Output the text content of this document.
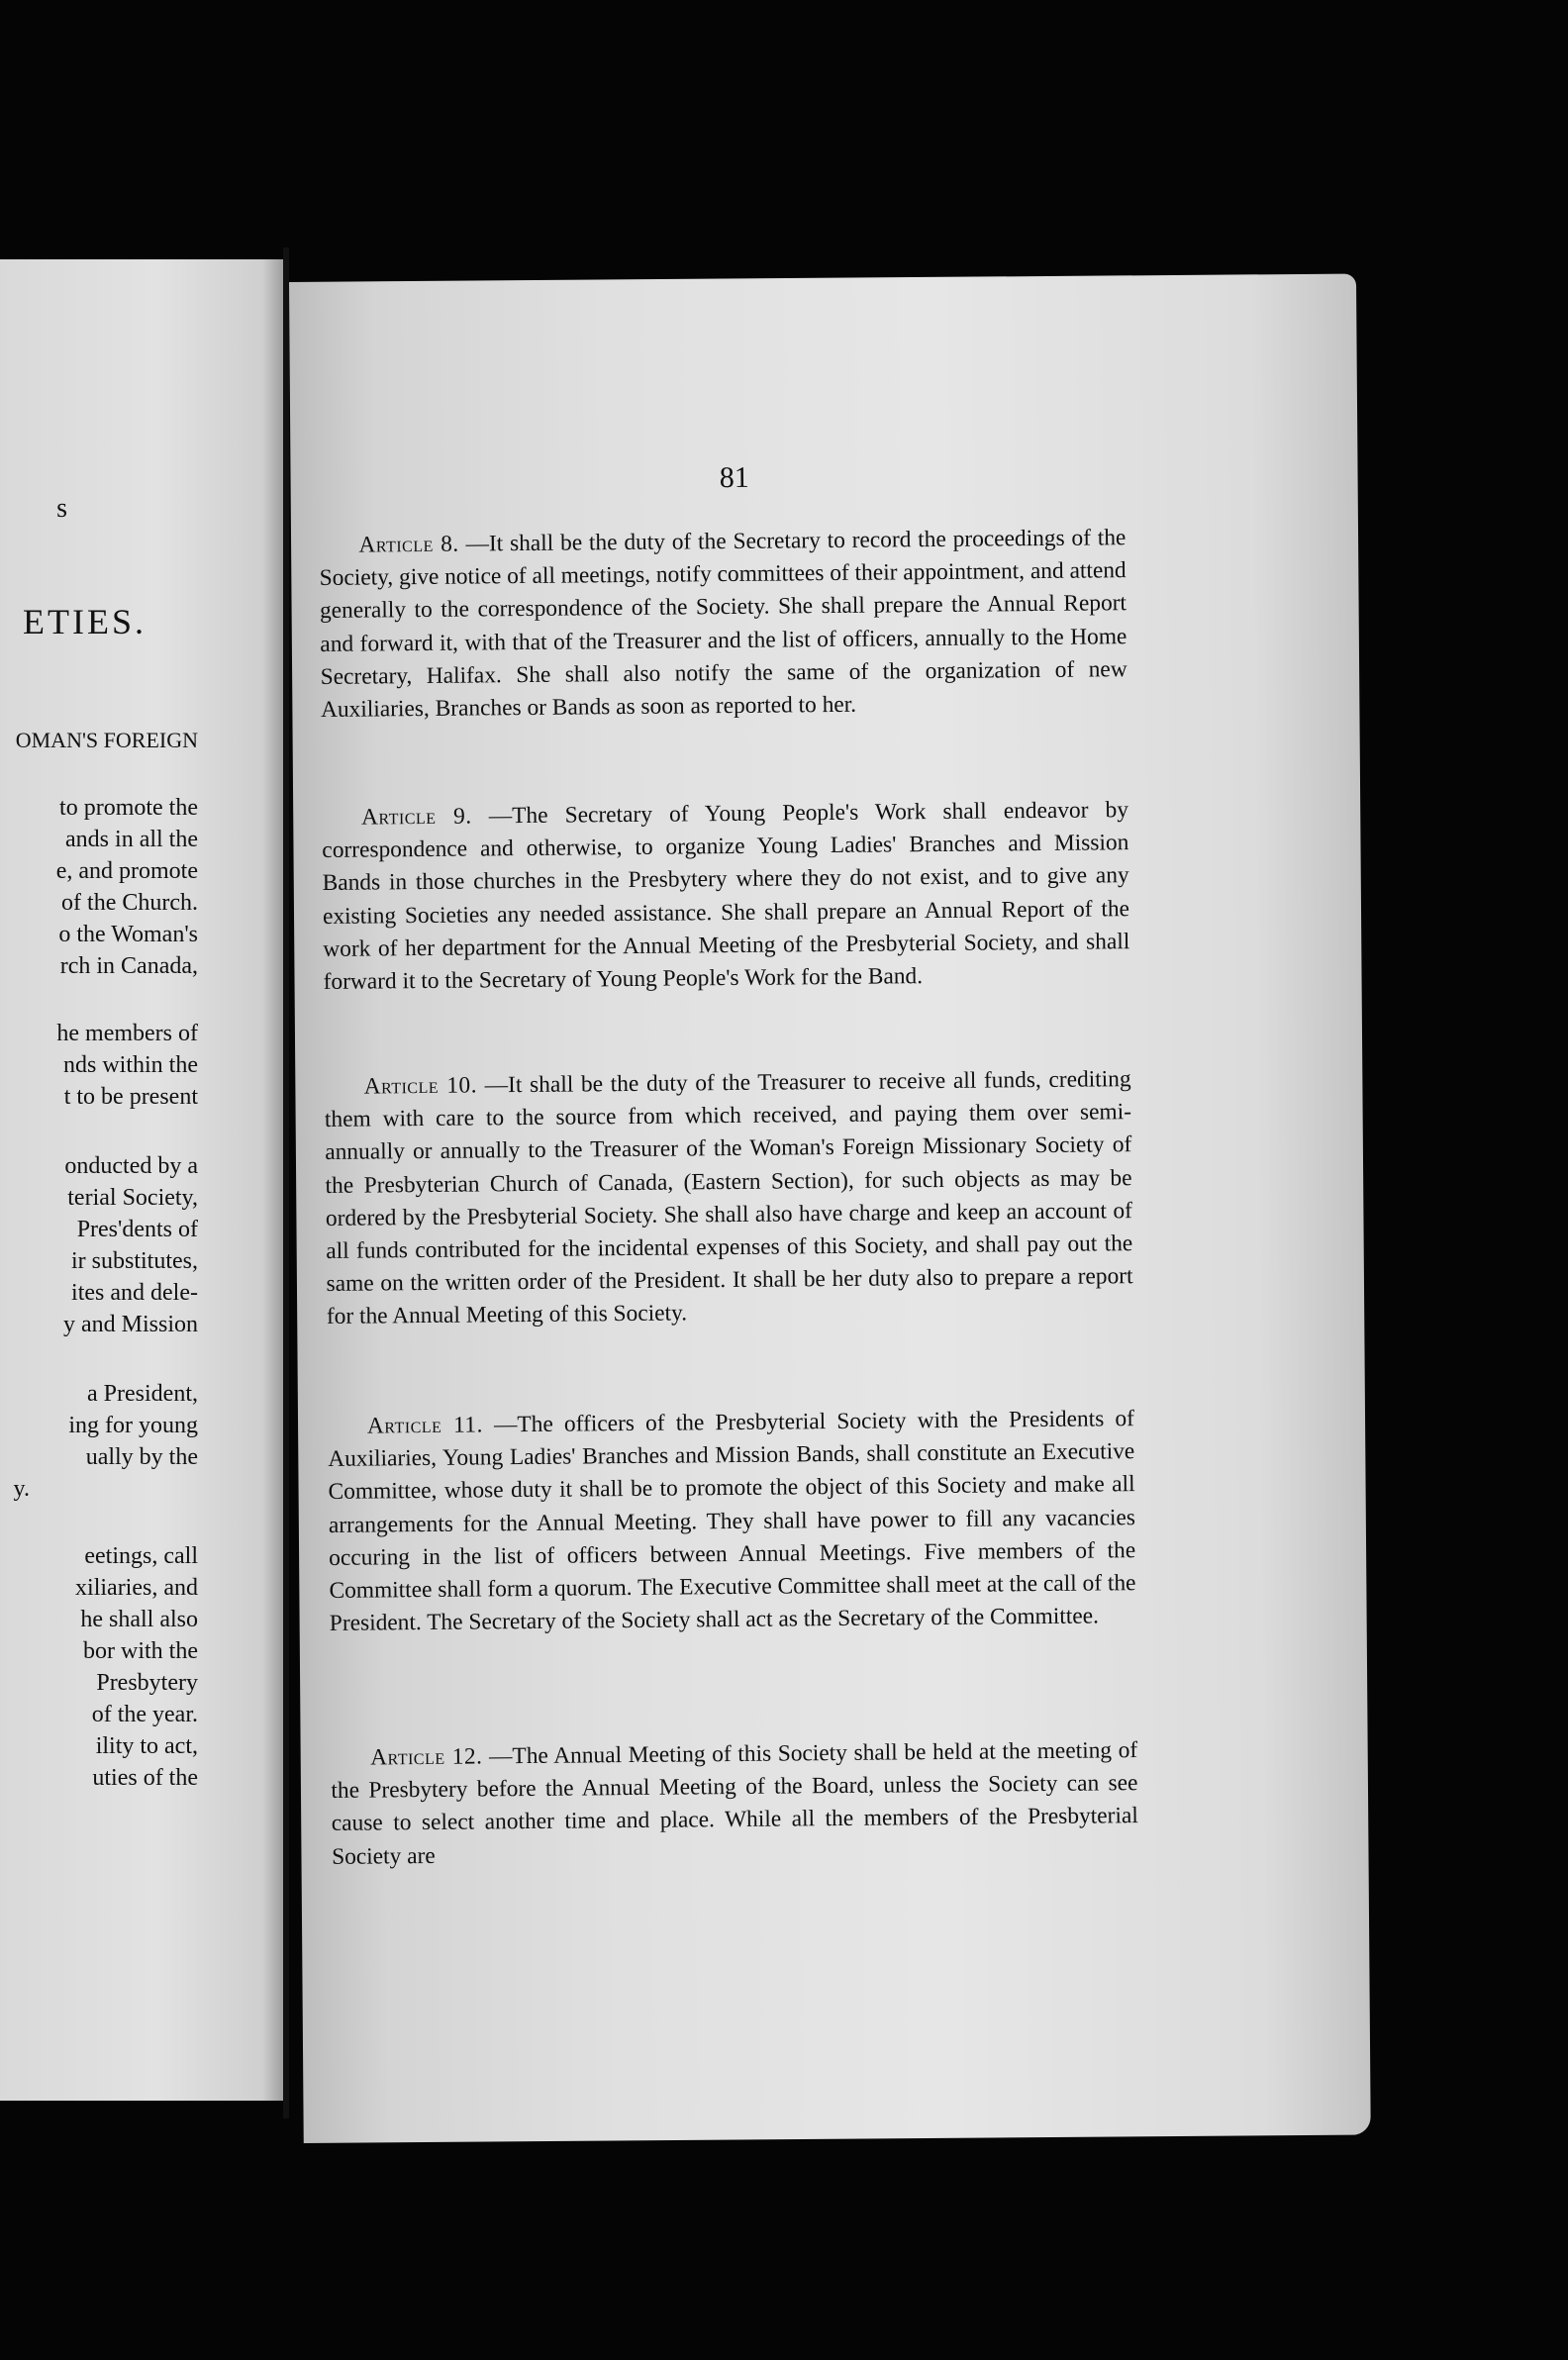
s
ETIES.
OMAN'S FOREIGN
to promote the
ands in all the
e, and promote
of the Church.
o the Woman's
rch in Canada,
he members of
nds within the
t to be present
onducted by a
terial Society,
Pres'dents of
ir substitutes,
ites and dele-
y and Mission
a President,
ing for young
ually by the
y.
eetings, call
xiliaries, and
he shall also
bor with the
Presbytery
of the year.
ility to act,
uties of the
81

Article 8. —It shall be the duty of the Secretary to record the proceedings of the Society, give notice of all meetings, notify committees of their appointment, and attend generally to the correspondence of the Society. She shall prepare the Annual Report and forward it, with that of the Treasurer and the list of officers, annually to the Home Secretary, Halifax. She shall also notify the same of the organization of new Auxiliaries, Branches or Bands as soon as reported to her.

Article 9. —The Secretary of Young People's Work shall endeavor by correspondence and otherwise, to organize Young Ladies' Branches and Mission Bands in those churches in the Presbytery where they do not exist, and to give any existing Societies any needed assistance. She shall prepare an Annual Report of the work of her department for the Annual Meeting of the Presbyterial Society, and shall forward it to the Secretary of Young People's Work for the Band.

Article 10. —It shall be the duty of the Treasurer to receive all funds, crediting them with care to the source from which received, and paying them over semi-annually or annually to the Treasurer of the Woman's Foreign Missionary Society of the Presbyterian Church of Canada, (Eastern Section), for such objects as may be ordered by the Presbyterial Society. She shall also have charge and keep an account of all funds contributed for the incidental expenses of this Society, and shall pay out the same on the written order of the President. It shall be her duty also to prepare a report for the Annual Meeting of this Society.

Article 11. —The officers of the Presbyterial Society with the Presidents of Auxiliaries, Young Ladies' Branches and Mission Bands, shall constitute an Executive Committee, whose duty it shall be to promote the object of this Society and make all arrangements for the Annual Meeting. They shall have power to fill any vacancies occuring in the list of officers between Annual Meetings. Five members of the Committee shall form a quorum. The Executive Committee shall meet at the call of the President. The Secretary of the Society shall act as the Secretary of the Committee.

Article 12. —The Annual Meeting of this Society shall be held at the meeting of the Presbytery before the Annual Meeting of the Board, unless the Society can see cause to select another time and place. While all the members of the Presbyterial Society are
